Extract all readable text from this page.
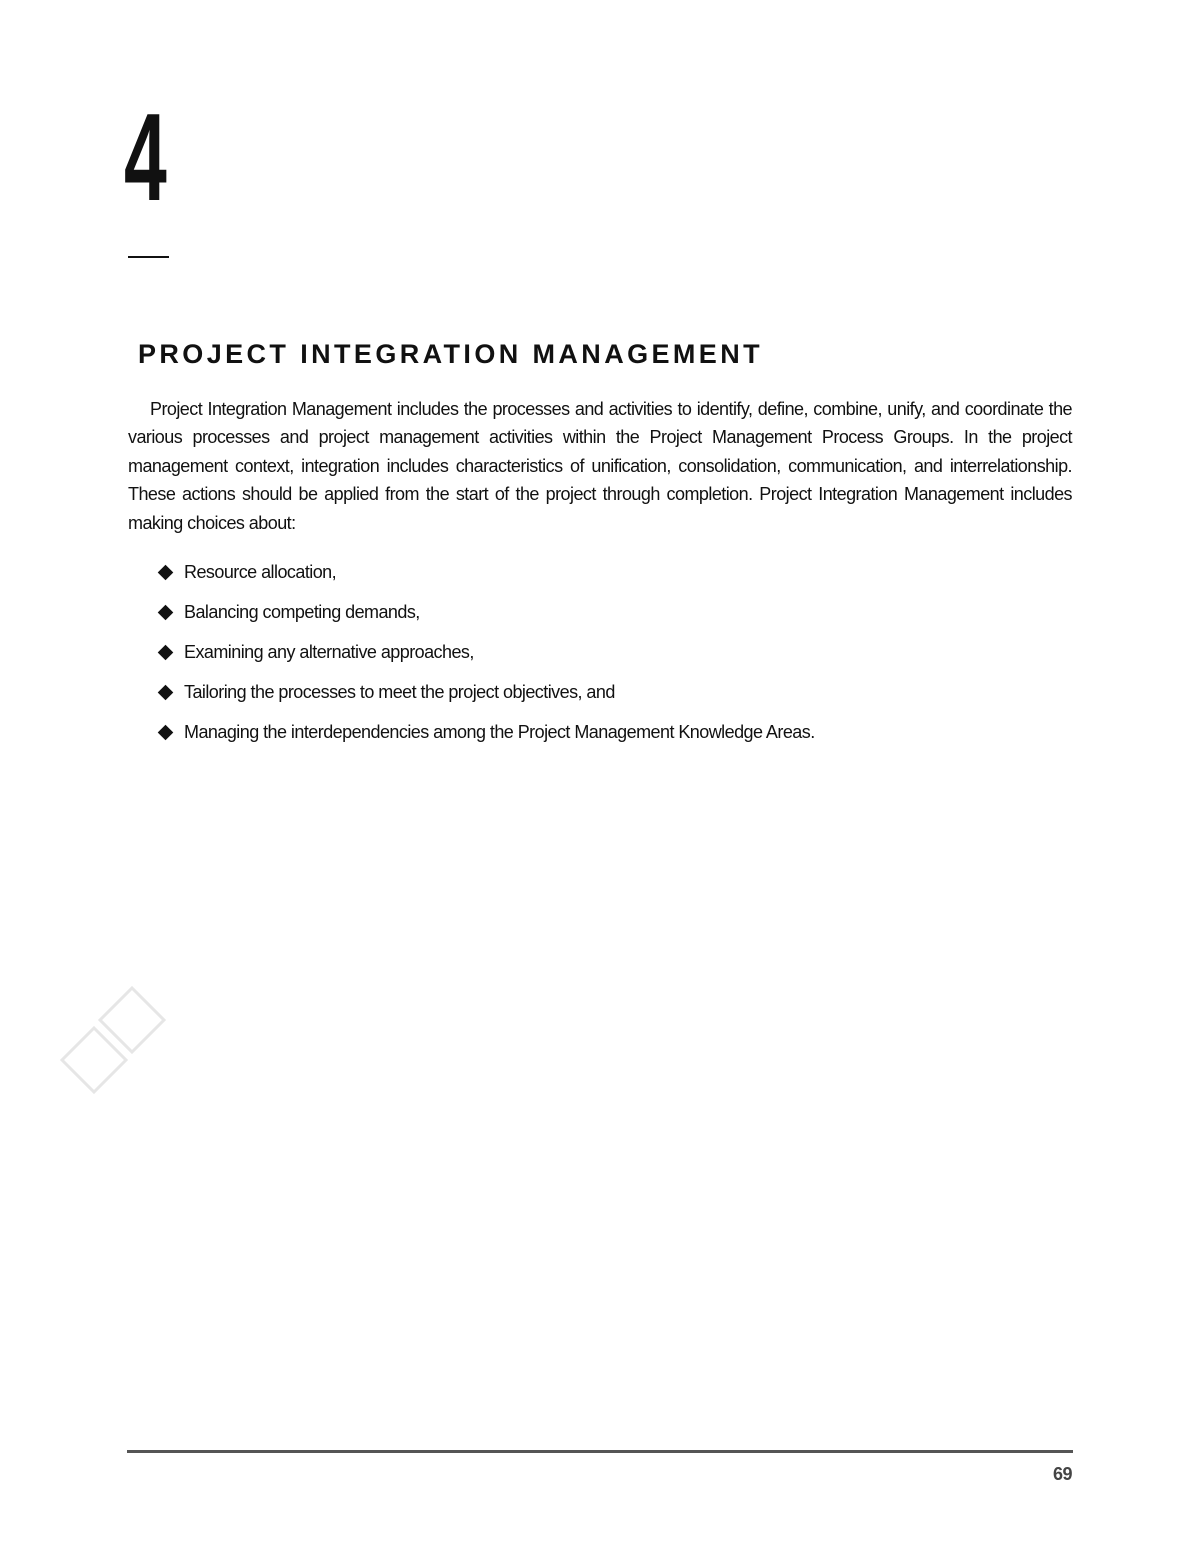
4
PROJECT INTEGRATION MANAGEMENT

Project Integration Management includes the processes and activities to identify, define, combine, unify, and coordinate the various processes and project management activities within the Project Management Process Groups. In the project management context, integration includes characteristics of unification, consolidation, communication, and interrelationship. These actions should be applied from the start of the project through completion. Project Integration Management includes making choices about:

Resource allocation,
Balancing competing demands,
Examining any alternative approaches,
Tailoring the processes to meet the project objectives, and
Managing the interdependencies among the Project Management Knowledge Areas.
69
